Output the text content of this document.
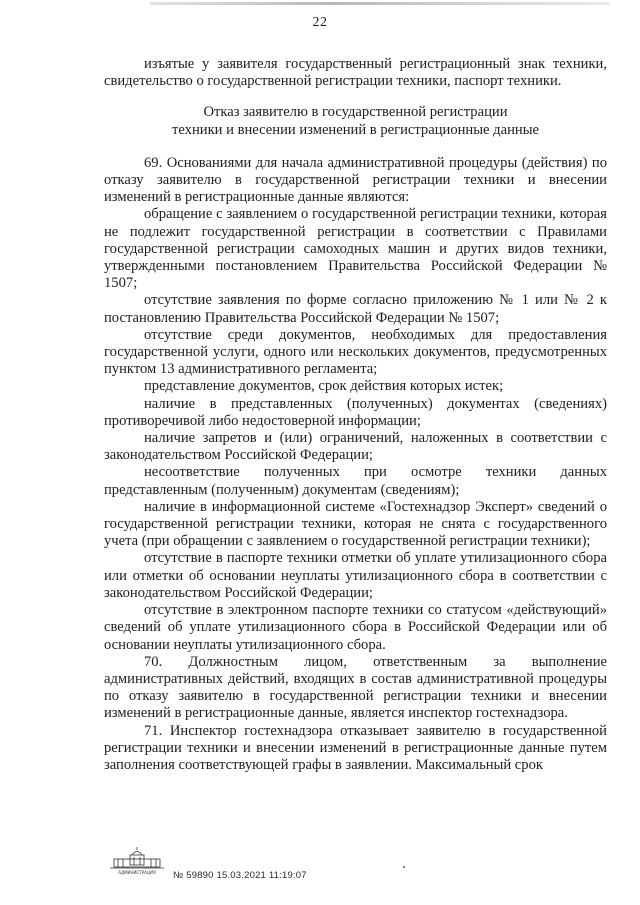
22

изъятые у заявителя государственный регистрационный знак техники, свидетельство о государственной регистрации техники, паспорт техники.

Отказ заявителю в государственной регистрации

техники и внесении изменений в регистрационные данные

69. Основаниями для начала административной процедуры (действия) по отказу заявителю в государственной регистрации техники и внесении изменений в регистрационные данные являются:

обращение с заявлением о государственной регистрации техники, которая не подлежит государственной регистрации в соответствии с Правилами государственной регистрации самоходных машин и других видов техники, утвержденными постановлением Правительства Российской Федерации № 1507;

отсутствие заявления по форме согласно приложению № 1 или № 2 к постановлению Правительства Российской Федерации № 1507;

отсутствие среди документов, необходимых для предоставления государственной услуги, одного или нескольких документов, предусмотренных пунктом 13 административного регламента;

представление документов, срок действия которых истек;

наличие в представленных (полученных) документах (сведениях) противоречивой либо недостоверной информации;

наличие запретов и (или) ограничений, наложенных в соответствии с законодательством Российской Федерации;

несоответствие полученных при осмотре техники данных представленным (полученным) документам (сведениям);

наличие в информационной системе «Гостехнадзор Эксперт» сведений о государственной регистрации техники, которая не снята с государственного учета (при обращении с заявлением о государственной регистрации техники);

отсутствие в паспорте техники отметки об уплате утилизационного сбора или отметки об основании неуплаты утилизационного сбора в соответствии с законодательством Российской Федерации;

отсутствие в электронном паспорте техники со статусом «действующий» сведений об уплате утилизационного сбора в Российской Федерации или об основании неуплаты утилизационного сбора.

70. Должностным лицом, ответственным за выполнение административных действий, входящих в состав административной процедуры по отказу заявителю в государственной регистрации техники и внесении изменений в регистрационные данные, является инспектор гостехнадзора.

71. Инспектор гостехнадзора отказывает заявителю в государственной регистрации техники и внесении изменений в регистрационные данные путем заполнения соответствующей графы в заявлении. Максимальный срок

АДМИНИСТРАЦИЯ № 59890 15.03.2021 11:19:07
